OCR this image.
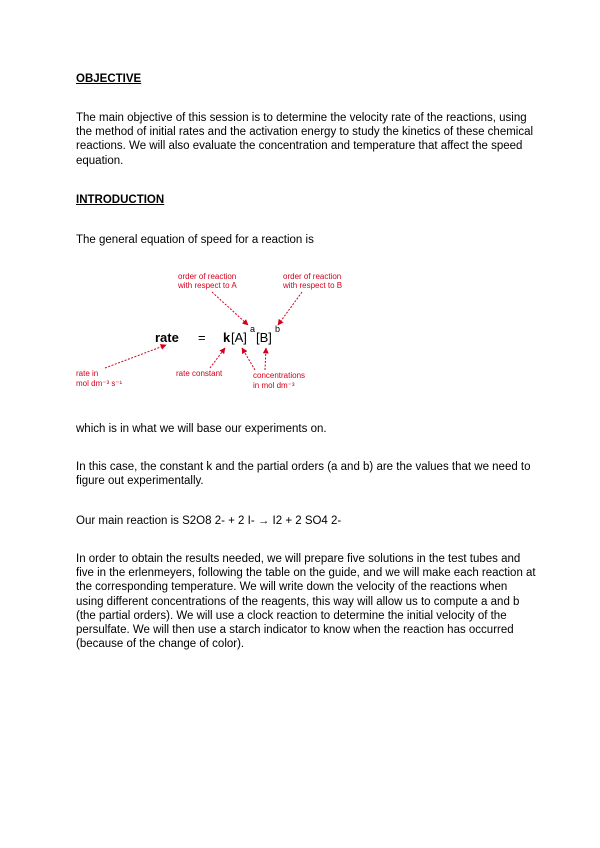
OBJECTIVE

The main objective of this session is to determine the velocity rate of the reactions, using the method of initial rates and the activation energy to study the kinetics of these chemical reactions. We will also evaluate the concentration and temperature that affect the speed equation.

INTRODUCTION

The general equation of speed for a reaction is

order of reaction
with respect to A
order of reaction
with respect to B
rate = k [A]
a
[B]
b
rate in
mol dm⁻³ s⁻¹
rate constant	concentrations
in mol dm⁻³

which is in what we will base our experiments on.

In this case, the constant k and the partial orders (a and b) are the values that we need to figure out experimentally.

Our main reaction is S2O8 2- + 2 I- → I2 + 2 SO4 2-

In order to obtain the results needed, we will prepare five solutions in the test tubes and five in the erlenmeyers, following the table on the guide, and we will make each reaction at the corresponding temperature. We will write down the velocity of the reactions when using different concentrations of the reagents, this way will allow us to compute a and b (the partial orders). We will use a clock reaction to determine the initial velocity of the persulfate. We will then use a starch indicator to know when the reaction has occurred (because of the change of color).
